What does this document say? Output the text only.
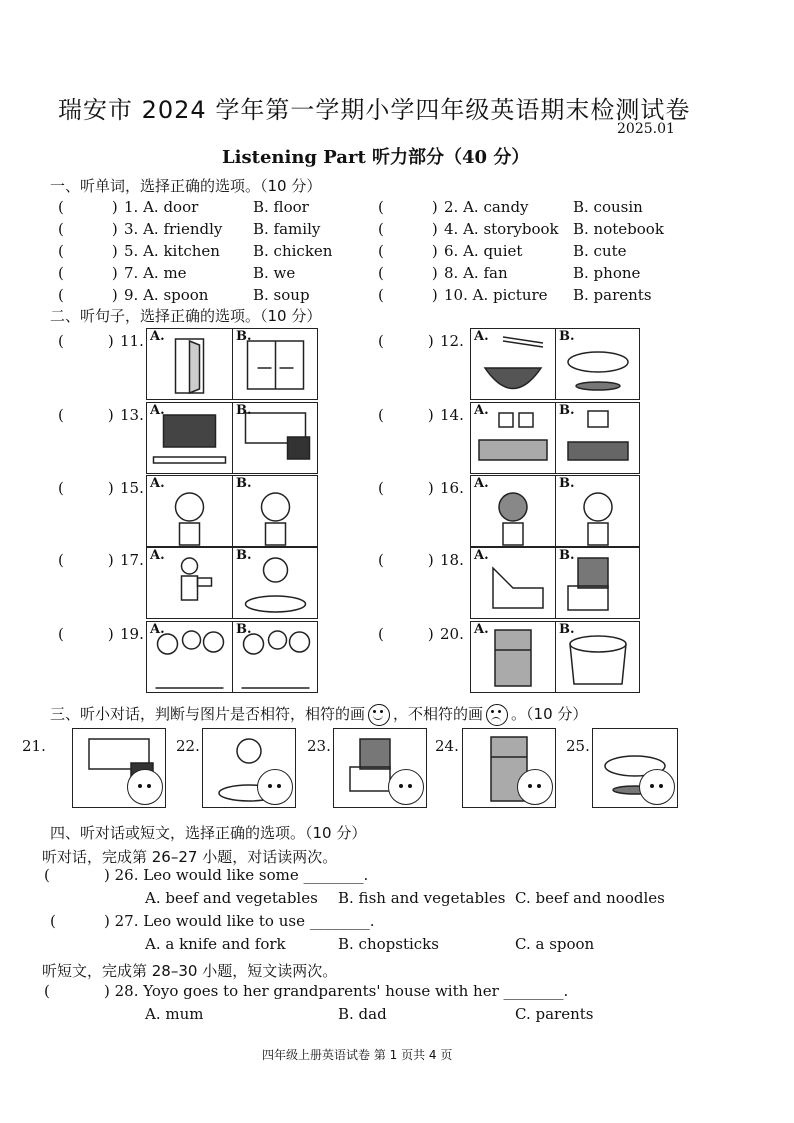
瑞安市 2024 学年第一学期小学四年级英语期末检测试卷
2025.01
Listening Part 听力部分（40 分）
一、听单词，选择正确的选项。（10 分）
(	) 1. A. door	B. floor	(	) 2. A. candy	B. cousin
(	) 3. A. friendly B. family	(	) 4. A. storybook B. notebook
(	) 5. A. kitchen B. chicken	(	) 6. A. quiet	B. cute
(	) 7. A. me	B. we	(	) 8. A. fan	B. phone
(	) 9. A. spoon	B. soup	(	) 10. A. picture B. parents
二、听句子，选择正确的选项。（10 分）
(	) 11. A.	B.	(	) 12. A.	B.
(	) 13. A.	B.	(	) 14. A.	B.
(	) 15. A.	B.	(	) 16. A.	B.
(	) 17. A.	B.	(	) 18. A.	B.
(	) 19. A.	B.	(	) 20. A.	B.
三、听小对话，判断与图片是否相符，相符的画 ，不相符的画 。（10 分）
21.	22.	23.	24.	25.
四、听对话或短文，选择正确的选项。（10 分）
听对话，完成第 26–27 小题，对话读两次。
(	) 26. Leo would like some ________.
A. beef and vegetables B. fish and vegetables C. beef and noodles
(	) 27. Leo would like to use ________.
A. a knife and fork	B. chopsticks	C. a spoon
听短文，完成第 28–30 小题，短文读两次。
(	) 28. Yoyo goes to her grandparents' house with her ________.
A. mum	B. dad	C. parents
四年级上册英语试卷 第 1 页共 4 页
